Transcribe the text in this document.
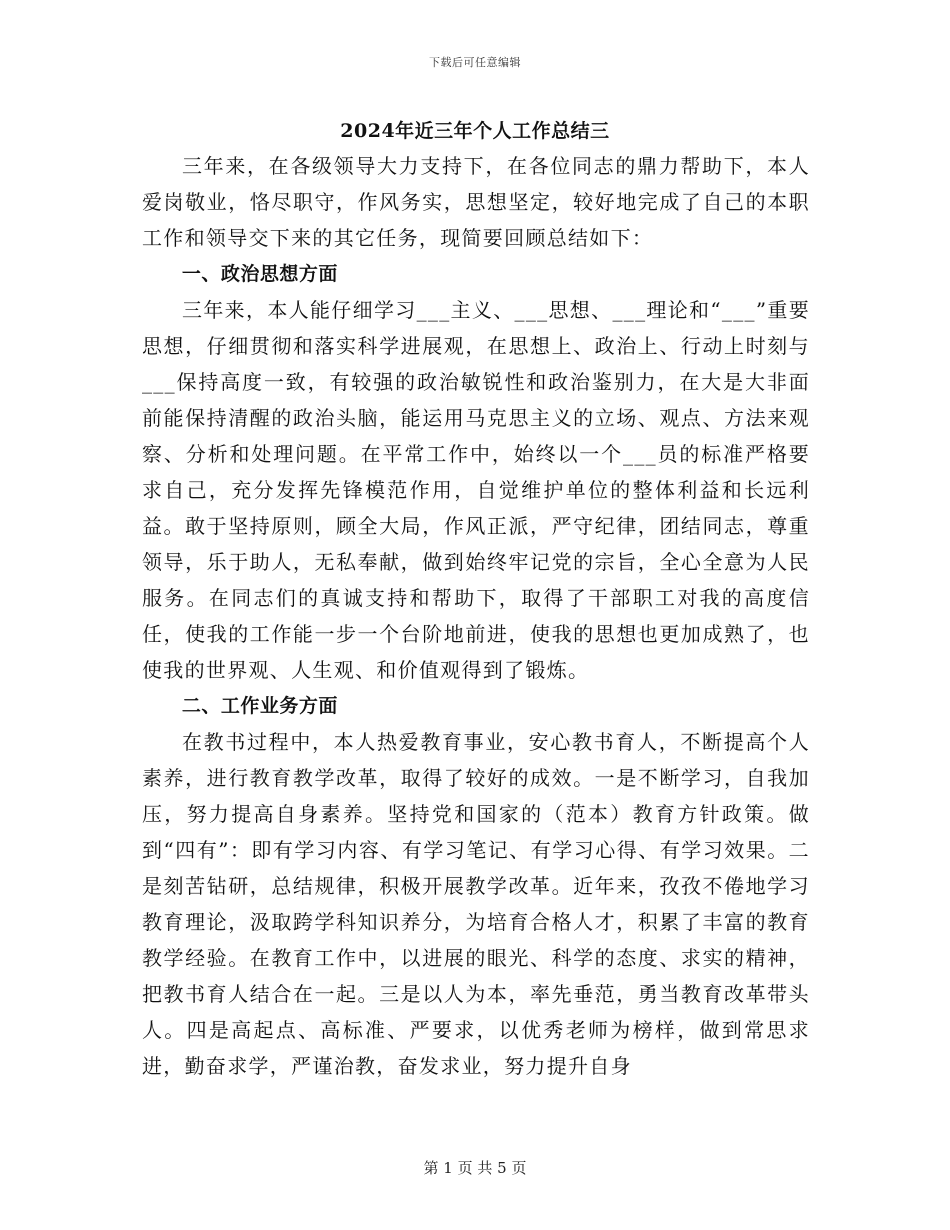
下载后可任意编辑
2024年近三年个人工作总结三

三年来，在各级领导大力支持下，在各位同志的鼎力帮助下，本人爱岗敬业，恪尽职守，作风务实，思想坚定，较好地完成了自己的本职工作和领导交下来的其它任务，现简要回顾总结如下：

一、政治思想方面

三年来，本人能仔细学习___主义、___思想、___理论和“___”重要思想，仔细贯彻和落实科学进展观，在思想上、政治上、行动上时刻与___保持高度一致，有较强的政治敏锐性和政治鉴别力，在大是大非面前能保持清醒的政治头脑，能运用马克思主义的立场、观点、方法来观察、分析和处理问题。在平常工作中，始终以一个___员的标准严格要求自己，充分发挥先锋模范作用，自觉维护单位的整体利益和长远利益。敢于坚持原则，顾全大局，作风正派，严守纪律，团结同志，尊重领导，乐于助人，无私奉献，做到始终牢记党的宗旨，全心全意为人民服务。在同志们的真诚支持和帮助下，取得了干部职工对我的高度信任，使我的工作能一步一个台阶地前进，使我的思想也更加成熟了，也使我的世界观、人生观、和价值观得到了锻炼。

二、工作业务方面

在教书过程中，本人热爱教育事业，安心教书育人，不断提高个人素养，进行教育教学改革，取得了较好的成效。一是不断学习，自我加压，努力提高自身素养。坚持党和国家的（范本）教育方针政策。做到“四有”：即有学习内容、有学习笔记、有学习心得、有学习效果。二是刻苦钻研，总结规律，积极开展教学改革。近年来，孜孜不倦地学习教育理论，汲取跨学科知识养分，为培育合格人才，积累了丰富的教育教学经验。在教育工作中，以进展的眼光、科学的态度、求实的精神，把教书育人结合在一起。三是以人为本，率先垂范，勇当教育改革带头人。四是高起点、高标准、严要求，以优秀老师为榜样，做到常思求进，勤奋求学，严谨治教，奋发求业，努力提升自身

第 1 页 共 5 页
